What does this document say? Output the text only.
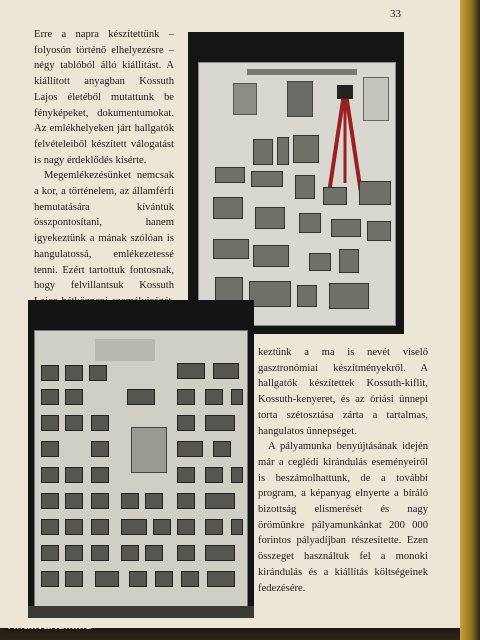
33

Erre a napra készítettünk – folyosón történő elhelyezésre – négy tablóból álló kiállítást. A kiállított anyagban Kossuth Lajos életéből mutattunk be fényképeket, dokumentumokat. Az emlékhelyeken járt hallgatók felvételeiből készített válogatást is nagy érdeklődés kísérte.

Megemlékezésünket nemcsak a kor, a történelem, az államférfi hemutatására kívántuk összpontosítani, hanem igyekeztünk a mának szólóan is hangulatossá, emlékezetessé tenni. Ezért tartottuk fontosnak, hogy felvillantsuk Kossuth

keztünk a ma is nevét viselő gasztronómiai készítményekről. A hallgatók készítettek Kossuth-kiflit, Kossuth-kenyeret, és az óriási ünnepi torta szétosztása zárta a tartalmas, hangulatos ünnepséget.

A pályamunka benyújtásának idején már a ceglédi kirándulás eseményeiről is beszámolhattunk, de a további program, a képanyag elnyerte a bíráló bizottság elismerését és nagy örömünkre pályamunkánkat 200 000 forintos pályadíjban részesítette. Ezen összeget használtuk fel a monoki kirándulás és a kiállítás költségeinek fedezésére.

Antikvarium.hu
